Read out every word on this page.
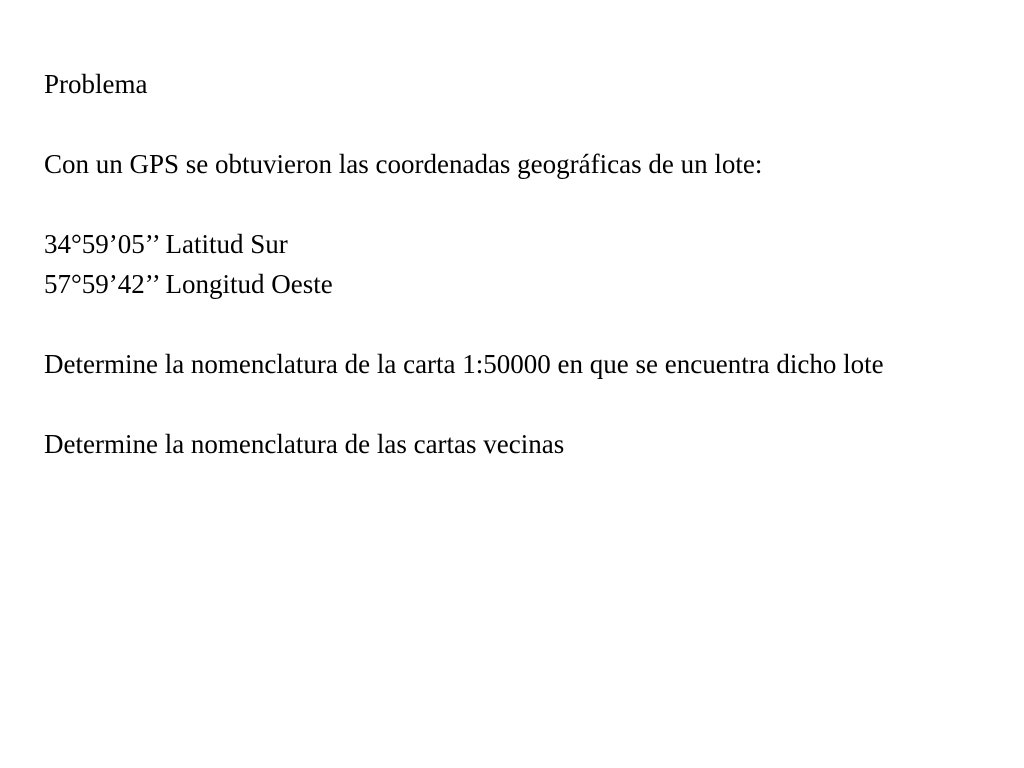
Problema
Con un GPS se obtuvieron las coordenadas geográficas de un lote:
34°59’05’’ Latitud Sur
57°59’42’’ Longitud Oeste
Determine la nomenclatura de la carta 1:50000 en que se encuentra dicho lote
Determine la nomenclatura de las cartas vecinas
